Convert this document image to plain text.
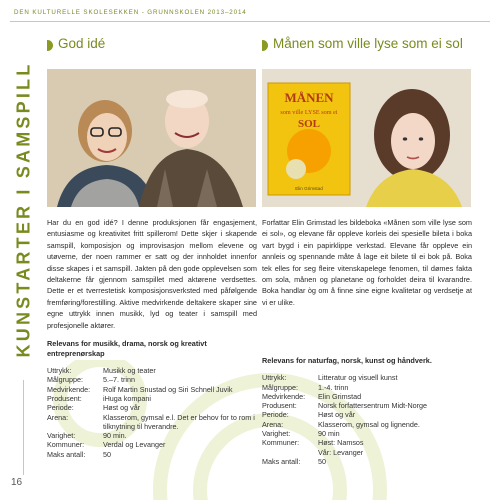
DEN KULTURELLE SKOLESEKKEN - GRUNNSKOLEN 2013–2014
KUNSTARTER I SAMSPILL
16
God idé
Har du en god idé? I denne produksjonen får engasjement, entusiasme og kreativitet fritt spillerom! Dette skjer i skapende samspill, komposisjon og improvisasjon mellom elevene og utøverne, der noen rammer er satt og der innholdet innenfor disse skapes i et samspill. Jakten på den gode opplevelsen som deltakerne får gjennom samspillet med aktørene verdsettes. Dette er et tverrestetisk komposisjonsverksted med påfølgende fremføring/forestilling. Aktive medvirkende deltakere skaper sine egne uttrykk innen musikk, lyd og teater i samspill med profesjonelle aktører.
Relevans for musikk, drama, norsk og kreativt entreprenørskap
Uttrykk:	Musikk og teater
Målgruppe:	5.–7. trinn
Medvirkende:	Rolf Martin Snustad og Siri Schnell Juvik
Produsent:	iHuga kompani
Periode:	Høst og vår
Arena:	Klasserom, gymsal e.l. Det er behov for to rom i tilknytning til hverandre.
Varighet:	90 min.
Kommuner:	Verdal og Levanger
Maks antall:	50
Månen som ville lyse som ei sol
MÅNEN
som ville LYSE som ei
SOL
Elin Grimstad
Forfattar Elin Grimstad les bildeboka «Månen som ville lyse som ei sol», og elevane får oppleve korleis dei spesielle bileta i boka vart bygd i ein papirklippe verkstad. Elevane får oppleve ein annleis og spennande måte å lage eit bilete til ei bok på. Boka tek elles for seg fleire vitenskapelege fenomen, til dømes fakta om sola, månen og planetane og forholdet deira til kvarandre. Boka handlar òg om å finne sine eigne kvalitetar og verdsetje at vi er ulike.
Relevans for naturfag, norsk, kunst og håndverk.
Uttrykk:	Litteratur og visuell kunst
Målgruppe:	1.-4. trinn
Medvirkende:	Elin Grimstad
Produsent:	Norsk forfattersentrum Midt-Norge
Periode:	Høst og vår
Arena:	Klasserom, gymsal og lignende.
Varighet:	90 min
Kommuner:	Høst: Namsos
	Vår: Levanger
Maks antall:	50
